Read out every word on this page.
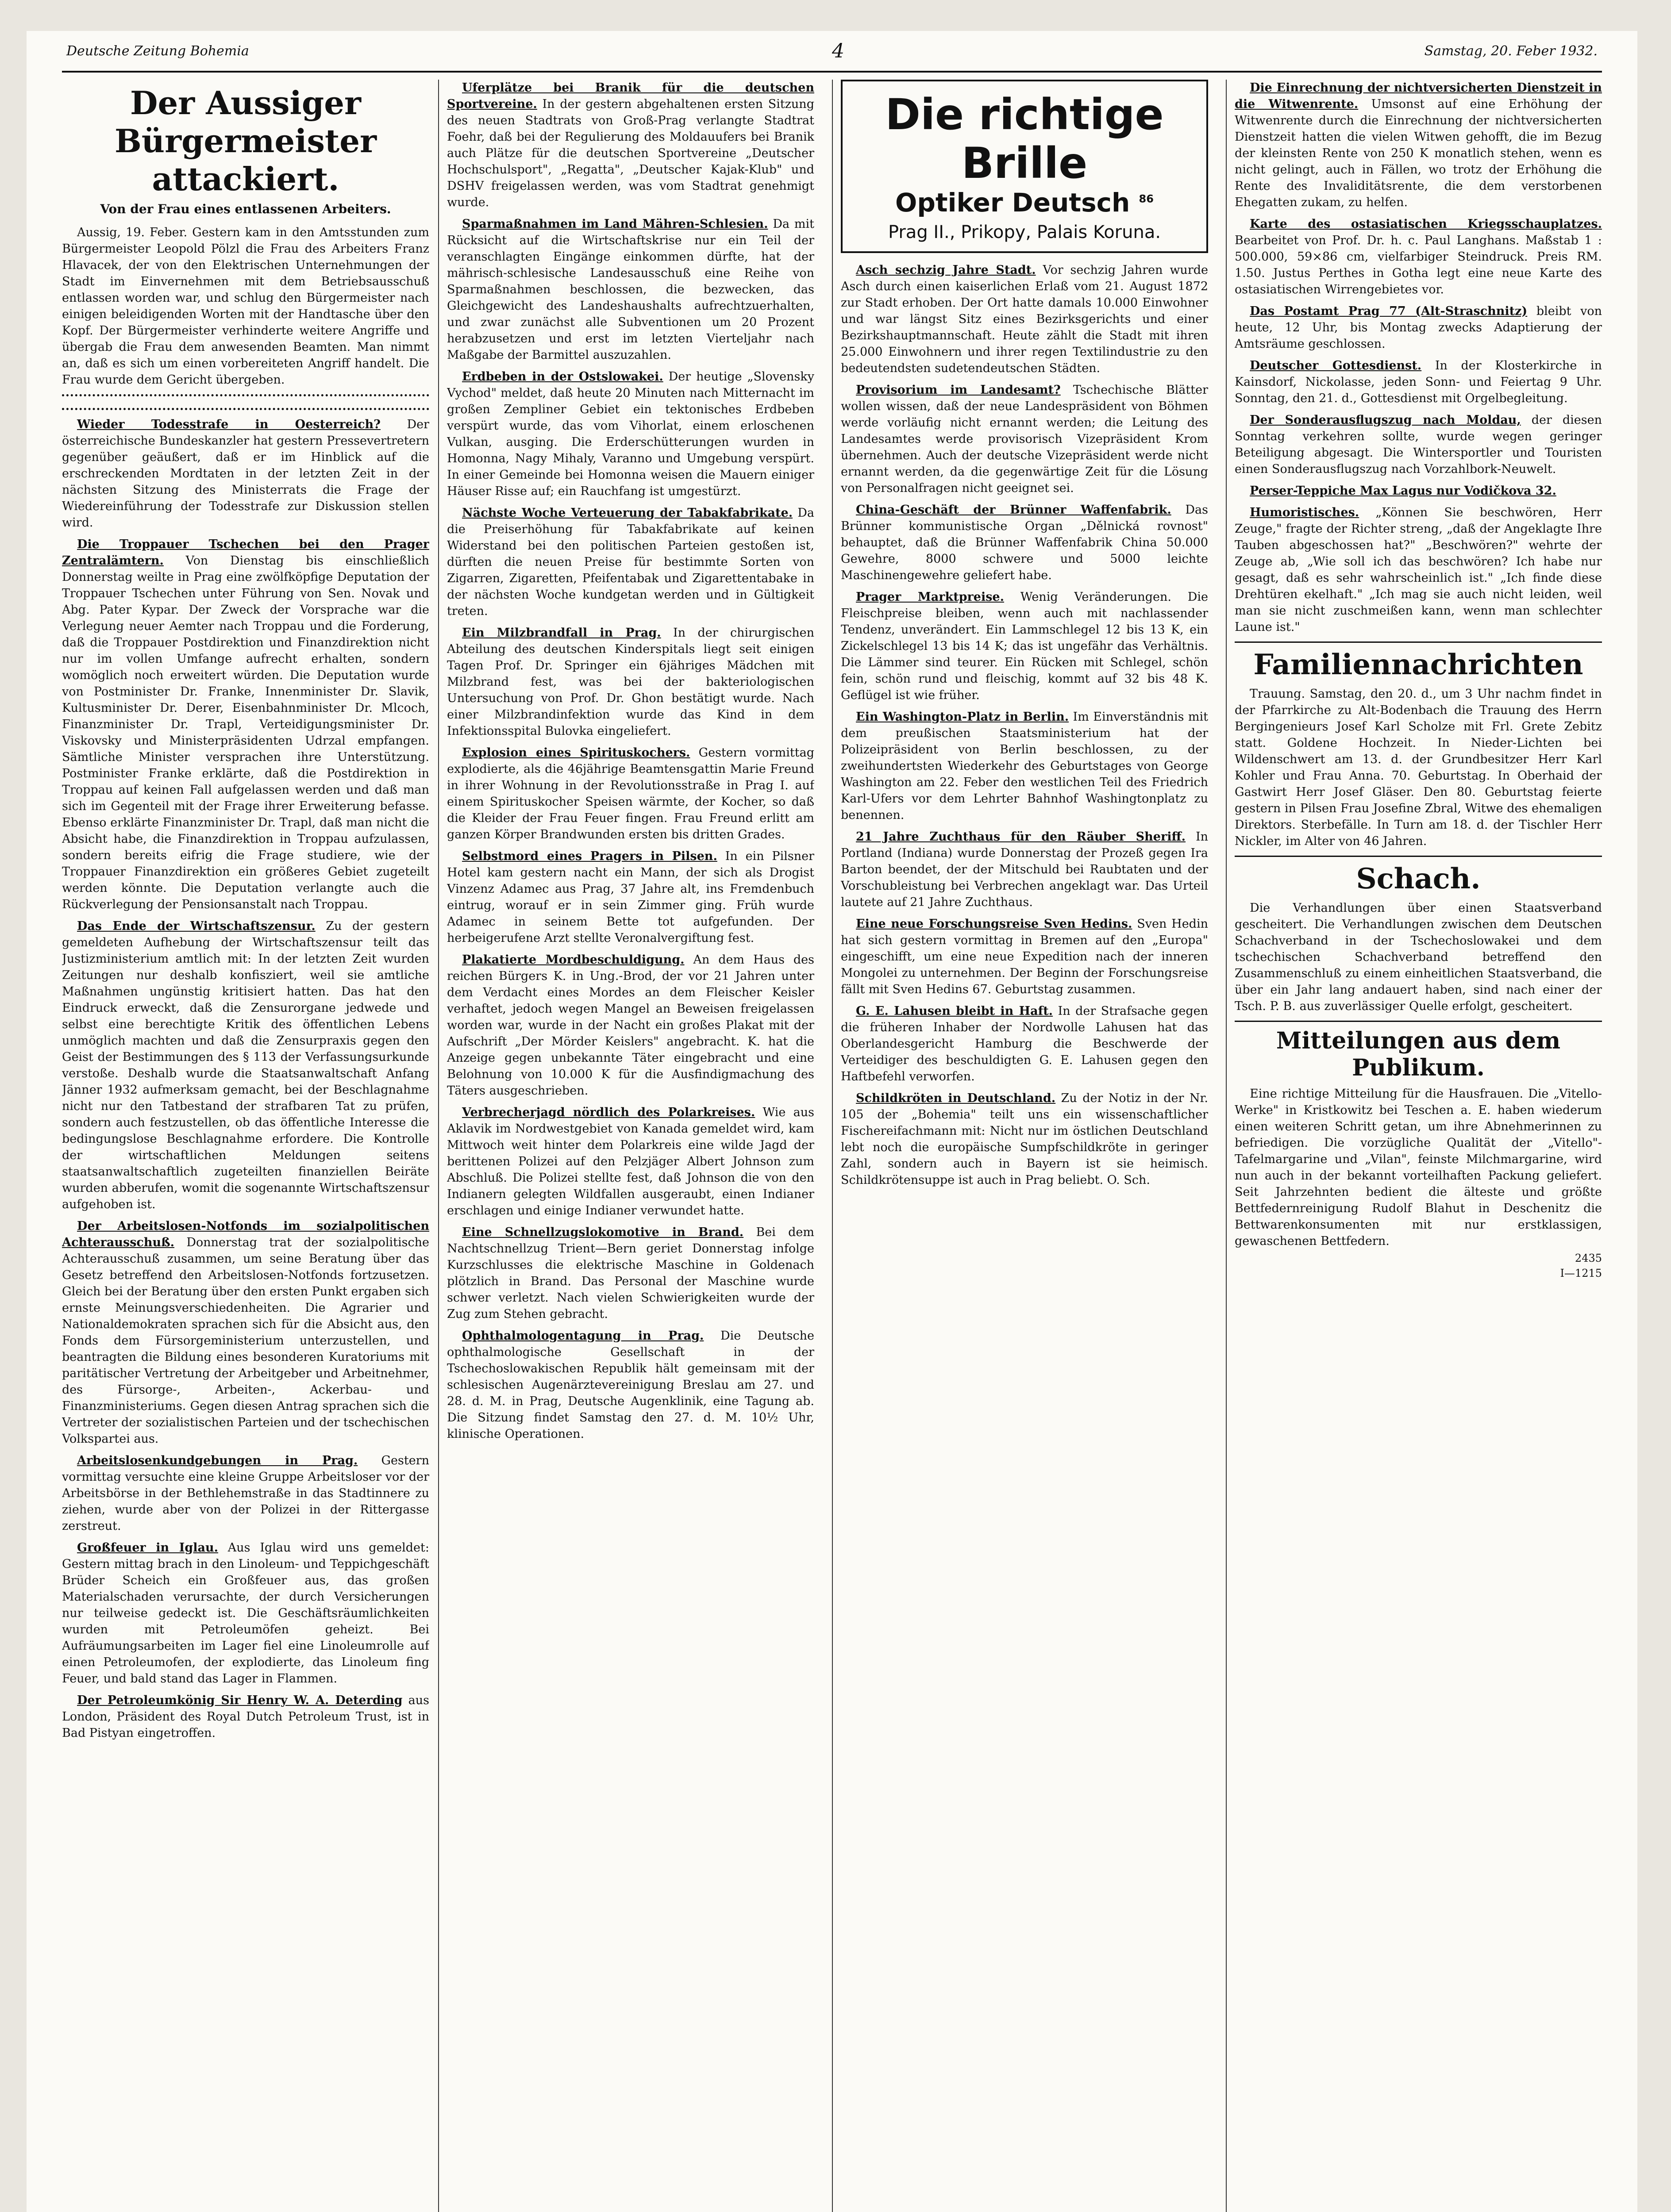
Deutsche Zeitung Bohemia	4	Samstag, 20. Feber 1932.
Der Aussiger Bürgermeister attackiert.
Von der Frau eines entlassenen Arbeiters.

Aussig, 19. Feber. Gestern kam in den Amtsstunden zum Bürgermeister Leopold Pölzl die Frau des Arbeiters Franz Hlavacek, der von den Elektrischen Unternehmungen der Stadt im Einvernehmen mit dem Betriebsausschuß entlassen worden war, und schlug den Bürgermeister nach einigen beleidigenden Worten mit der Handtasche über den Kopf. Der Bürgermeister verhinderte weitere Angriffe und übergab die Frau dem anwesenden Beamten. Man nimmt an, daß es sich um einen vorbereiteten Angriff handelt. Die Frau wurde dem Gericht übergeben.

Wieder Todesstrafe in Oesterreich? Der österreichische Bundeskanzler hat gestern Pressevertretern gegenüber geäußert, daß er im Hinblick auf die erschreckenden Mordtaten in der letzten Zeit in der nächsten Sitzung des Ministerrats die Frage der Wiedereinführung der Todesstrafe zur Diskussion stellen wird.

Die Troppauer Tschechen bei den Prager Zentralämtern. Von Dienstag bis einschließlich Donnerstag weilte in Prag eine zwölfköpfige Deputation der Troppauer Tschechen unter Führung von Sen. Novak und Abg. Pater Kypar. Der Zweck der Vorsprache war die Verlegung neuer Aemter nach Troppau und die Forderung, daß die Troppauer Postdirektion und Finanzdirektion nicht nur im vollen Umfange aufrecht erhalten, sondern womöglich noch erweitert würden. Die Deputation wurde von Postminister Dr. Franke, Innenminister Dr. Slavik, Kultusminister Dr. Derer, Eisenbahnminister Dr. Mlcoch, Finanzminister Dr. Trapl, Verteidigungsminister Dr. Viskovsky und Ministerpräsidenten Udrzal empfangen. Sämtliche Minister versprachen ihre Unterstützung. Postminister Franke erklärte, daß die Postdirektion in Troppau auf keinen Fall aufgelassen werden und daß man sich im Gegenteil mit der Frage ihrer Erweiterung befasse. Ebenso erklärte Finanzminister Dr. Trapl, daß man nicht die Absicht habe, die Finanzdirektion in Troppau aufzulassen, sondern bereits eifrig die Frage studiere, wie der Troppauer Finanzdirektion ein größeres Gebiet zugeteilt werden könnte. Die Deputation verlangte auch die Rückverlegung der Pensionsanstalt nach Troppau.

Das Ende der Wirtschaftszensur. Zu der gestern gemeldeten Aufhebung der Wirtschaftszensur teilt das Justizministerium amtlich mit: In der letzten Zeit wurden Zeitungen nur deshalb konfisziert, weil sie amtliche Maßnahmen ungünstig kritisiert hatten. Das hat den Eindruck erweckt, daß die Zensurorgane jedwede und selbst eine berechtigte Kritik des öffentlichen Lebens unmöglich machten und daß die Zensurpraxis gegen den Geist der Bestimmungen des § 113 der Verfassungsurkunde verstoße. Deshalb wurde die Staatsanwaltschaft Anfang Jänner 1932 aufmerksam gemacht, bei der Beschlagnahme nicht nur den Tatbestand der strafbaren Tat zu prüfen, sondern auch festzustellen, ob das öffentliche Interesse die bedingungslose Beschlagnahme erfordere. Die Kontrolle der wirtschaftlichen Meldungen seitens staatsanwaltschaftlich zugeteilten finanziellen Beiräte wurden abberufen, womit die sogenannte Wirtschaftszensur aufgehoben ist.

Der Arbeitslosen-Notfonds im sozialpolitischen Achterausschuß. Donnerstag trat der sozialpolitische Achterausschuß zusammen, um seine Beratung über das Gesetz betreffend den Arbeitslosen-Notfonds fortzusetzen. Gleich bei der Beratung über den ersten Punkt ergaben sich ernste Meinungsverschiedenheiten. Die Agrarier und Nationaldemokraten sprachen sich für die Absicht aus, den Fonds dem Fürsorgeministerium unterzustellen, und beantragten die Bildung eines besonderen Kuratoriums mit paritätischer Vertretung der Arbeitgeber und Arbeitnehmer, des Fürsorge-, Arbeiten-, Ackerbau- und Finanzministeriums. Gegen diesen Antrag sprachen sich die Vertreter der sozialistischen Parteien und der tschechischen Volkspartei aus.

Arbeitslosenkundgebungen in Prag. Gestern vormittag versuchte eine kleine Gruppe Arbeitsloser vor der Arbeitsbörse in der Bethlehemstraße in das Stadtinnere zu ziehen, wurde aber von der Polizei in der Rittergasse zerstreut.

Großfeuer in Iglau. Aus Iglau wird uns gemeldet: Gestern mittag brach in den Linoleum- und Teppichgeschäft Brüder Scheich ein Großfeuer aus, das großen Materialschaden verursachte, der durch Versicherungen nur teilweise gedeckt ist. Die Geschäftsräumlichkeiten wurden mit Petroleumöfen geheizt. Bei Aufräumungsarbeiten im Lager fiel eine Linoleumrolle auf einen Petroleumofen, der explodierte, das Linoleum fing Feuer, und bald stand das Lager in Flammen.

Der Petroleumkönig Sir Henry W. A. Deterding aus London, Präsident des Royal Dutch Petroleum Trust, ist in Bad Pistyan eingetroffen.

Uferplätze bei Branik für die deutschen Sportvereine. In der gestern abgehaltenen ersten Sitzung des neuen Stadtrats von Groß-Prag verlangte Stadtrat Foehr, daß bei der Regulierung des Moldauufers bei Branik auch Plätze für die deutschen Sportvereine „Deutscher Hochschulsport", „Regatta", „Deutscher Kajak-Klub" und DSHV freigelassen werden, was vom Stadtrat genehmigt wurde.

Sparmaßnahmen im Land Mähren-Schlesien. Da mit Rücksicht auf die Wirtschaftskrise nur ein Teil der veranschlagten Eingänge einkommen dürfte, hat der mährisch-schlesische Landesausschuß eine Reihe von Sparmaßnahmen beschlossen, die bezwecken, das Gleichgewicht des Landeshaushalts aufrechtzuerhalten, und zwar zunächst alle Subventionen um 20 Prozent herabzusetzen und erst im letzten Vierteljahr nach Maßgabe der Barmittel auszuzahlen.

Erdbeben in der Ostslowakei. Der heutige „Slovensky Vychod" meldet, daß heute 20 Minuten nach Mitternacht im großen Zempliner Gebiet ein tektonisches Erdbeben verspürt wurde, das vom Vihorlat, einem erloschenen Vulkan, ausging. Die Erderschütterungen wurden in Homonna, Nagy Mihaly, Varanno und Umgebung verspürt. In einer Gemeinde bei Homonna weisen die Mauern einiger Häuser Risse auf; ein Rauchfang ist umgestürzt.

Nächste Woche Verteuerung der Tabakfabrikate. Da die Preiserhöhung für Tabakfabrikate auf keinen Widerstand bei den politischen Parteien gestoßen ist, dürften die neuen Preise für bestimmte Sorten von Zigarren, Zigaretten, Pfeifentabak und Zigarettentabake in der nächsten Woche kundgetan werden und in Gültigkeit treten.

Ein Milzbrandfall in Prag. In der chirurgischen Abteilung des deutschen Kinderspitals liegt seit einigen Tagen Prof. Dr. Springer ein 6jähriges Mädchen mit Milzbrand fest, was bei der bakteriologischen Untersuchung von Prof. Dr. Ghon bestätigt wurde. Nach einer Milzbrandinfektion wurde das Kind in dem Infektionsspital Bulovka eingeliefert.

Explosion eines Spirituskochers. Gestern vormittag explodierte, als die 46jährige Beamtensgattin Marie Freund in ihrer Wohnung in der Revolutionsstraße in Prag I. auf einem Spirituskocher Speisen wärmte, der Kocher, so daß die Kleider der Frau Feuer fingen. Frau Freund erlitt am ganzen Körper Brandwunden ersten bis dritten Grades.

Selbstmord eines Pragers in Pilsen. In ein Pilsner Hotel kam gestern nacht ein Mann, der sich als Drogist Vinzenz Adamec aus Prag, 37 Jahre alt, ins Fremdenbuch eintrug, worauf er in sein Zimmer ging. Früh wurde Adamec in seinem Bette tot aufgefunden. Der herbeigerufene Arzt stellte Veronalvergiftung fest.

Plakatierte Mordbeschuldigung. An dem Haus des reichen Bürgers K. in Ung.-Brod, der vor 21 Jahren unter dem Verdacht eines Mordes an dem Fleischer Keisler verhaftet, jedoch wegen Mangel an Beweisen freigelassen worden war, wurde in der Nacht ein großes Plakat mit der Aufschrift „Der Mörder Keislers" angebracht. K. hat die Anzeige gegen unbekannte Täter eingebracht und eine Belohnung von 10.000 K für die Ausfindigmachung des Täters ausgeschrieben.

Verbrecherjagd nördlich des Polarkreises. Wie aus Aklavik im Nordwestgebiet von Kanada gemeldet wird, kam Mittwoch weit hinter dem Polarkreis eine wilde Jagd der berittenen Polizei auf den Pelzjäger Albert Johnson zum Abschluß. Die Polizei stellte fest, daß Johnson die von den Indianern gelegten Wildfallen ausgeraubt, einen Indianer erschlagen und einige Indianer verwundet hatte.

Eine Schnellzugslokomotive in Brand. Bei dem Nachtschnellzug Trient—Bern geriet Donnerstag infolge Kurzschlusses die elektrische Maschine in Goldenach plötzlich in Brand. Das Personal der Maschine wurde schwer verletzt. Nach vielen Schwierigkeiten wurde der Zug zum Stehen gebracht.

Ophthalmologentagung in Prag. Die Deutsche ophthalmologische Gesellschaft in der Tschechoslowakischen Republik hält gemeinsam mit der schlesischen Augenärztevereinigung Breslau am 27. und 28. d. M. in Prag, Deutsche Augenklinik, eine Tagung ab. Die Sitzung findet Samstag den 27. d. M. 10½ Uhr, klinische Operationen.

Die richtige Brille
Optiker Deutsch $^{86}$
Prag II., Prikopy, Palais Koruna.

Asch sechzig Jahre Stadt. Vor sechzig Jahren wurde Asch durch einen kaiserlichen Erlaß vom 21. August 1872 zur Stadt erhoben. Der Ort hatte damals 10.000 Einwohner und war längst Sitz eines Bezirksgerichts und einer Bezirkshauptmannschaft. Heute zählt die Stadt mit ihren 25.000 Einwohnern und ihrer regen Textilindustrie zu den bedeutendsten sudetendeutschen Städten.

Provisorium im Landesamt? Tschechische Blätter wollen wissen, daß der neue Landespräsident von Böhmen werde vorläufig nicht ernannt werden; die Leitung des Landesamtes werde provisorisch Vizepräsident Krom übernehmen. Auch der deutsche Vizepräsident werde nicht ernannt werden, da die gegenwärtige Zeit für die Lösung von Personalfragen nicht geeignet sei.

China-Geschäft der Brünner Waffenfabrik. Das Brünner kommunistische Organ „Dělnická rovnost" behauptet, daß die Brünner Waffenfabrik China 50.000 Gewehre, 8000 schwere und 5000 leichte Maschinengewehre geliefert habe.

Prager Marktpreise. Wenig Veränderungen. Die Fleischpreise bleiben, wenn auch mit nachlassender Tendenz, unverändert. Ein Lammschlegel 12 bis 13 K, ein Zickelschlegel 13 bis 14 K; das ist ungefähr das Verhältnis. Die Lämmer sind teurer. Ein Rücken mit Schlegel, schön fein, schön rund und fleischig, kommt auf 32 bis 48 K. Geflügel ist wie früher.

Ein Washington-Platz in Berlin. Im Einverständnis mit dem preußischen Staatsministerium hat der Polizeipräsident von Berlin beschlossen, zu der zweihundertsten Wiederkehr des Geburtstages von George Washington am 22. Feber den westlichen Teil des Friedrich Karl-Ufers vor dem Lehrter Bahnhof Washingtonplatz zu benennen.

21 Jahre Zuchthaus für den Räuber Sheriff. In Portland (Indiana) wurde Donnerstag der Prozeß gegen Ira Barton beendet, der der Mitschuld bei Raubtaten und der Vorschubleistung bei Verbrechen angeklagt war. Das Urteil lautete auf 21 Jahre Zuchthaus.

Eine neue Forschungsreise Sven Hedins. Sven Hedin hat sich gestern vormittag in Bremen auf den „Europa" eingeschifft, um eine neue Expedition nach der inneren Mongolei zu unternehmen. Der Beginn der Forschungsreise fällt mit Sven Hedins 67. Geburtstag zusammen.

G. E. Lahusen bleibt in Haft. In der Strafsache gegen die früheren Inhaber der Nordwolle Lahusen hat das Oberlandesgericht Hamburg die Beschwerde der Verteidiger des beschuldigten G. E. Lahusen gegen den Haftbefehl verworfen.

Schildkröten in Deutschland. Zu der Notiz in der Nr. 105 der „Bohemia" teilt uns ein wissenschaftlicher Fischereifachmann mit: Nicht nur im östlichen Deutschland lebt noch die europäische Sumpfschildkröte in geringer Zahl, sondern auch in Bayern ist sie heimisch. Schildkrötensuppe ist auch in Prag beliebt. O. Sch.

Die Einrechnung der nichtversicherten Dienstzeit in die Witwenrente. Umsonst auf eine Erhöhung der Witwenrente durch die Einrechnung der nichtversicherten Dienstzeit hatten die vielen Witwen gehofft, die im Bezug der kleinsten Rente von 250 K monatlich stehen, wenn es nicht gelingt, auch in Fällen, wo trotz der Erhöhung die Rente des Invaliditätsrente, die dem verstorbenen Ehegatten zukam, zu helfen.

Karte des ostasiatischen Kriegsschauplatzes. Bearbeitet von Prof. Dr. h. c. Paul Langhans. Maßstab 1 : 500.000, 59×86 cm, vielfarbiger Steindruck. Preis RM. 1.50. Justus Perthes in Gotha legt eine neue Karte des ostasiatischen Wirrengebietes vor.

Das Postamt Prag 77 (Alt-Straschnitz) bleibt von heute, 12 Uhr, bis Montag zwecks Adaptierung der Amtsräume geschlossen.

Deutscher Gottesdienst. In der Klosterkirche in Kainsdorf, Nickolasse, jeden Sonn- und Feiertag 9 Uhr. Sonntag, den 21. d., Gottesdienst mit Orgelbegleitung.

Der Sonderausflugszug nach Moldau, der diesen Sonntag verkehren sollte, wurde wegen geringer Beteiligung abgesagt. Die Wintersportler und Touristen einen Sonderausflugszug nach Vorzahlbork-Neuwelt.

Perser-Teppiche Max Lagus nur Vodičkova 32.

Humoristisches. „Können Sie beschwören, Herr Zeuge," fragte der Richter streng, „daß der Angeklagte Ihre Tauben abgeschossen hat?" „Beschwören?" wehrte der Zeuge ab, „Wie soll ich das beschwören? Ich habe nur gesagt, daß es sehr wahrscheinlich ist." „Ich finde diese Drehtüren ekelhaft." „Ich mag sie auch nicht leiden, weil man sie nicht zuschmeißen kann, wenn man schlechter Laune ist."

Familiennachrichten

Trauung. Samstag, den 20. d., um 3 Uhr nachm findet in der Pfarrkirche zu Alt-Bodenbach die Trauung des Herrn Bergingenieurs Josef Karl Scholze mit Frl. Grete Zebitz statt. Goldene Hochzeit. In Nieder-Lichten bei Wildenschwert am 13. d. der Grundbesitzer Herr Karl Kohler und Frau Anna. 70. Geburtstag. In Oberhaid der Gastwirt Herr Josef Gläser. Den 80. Geburtstag feierte gestern in Pilsen Frau Josefine Zbral, Witwe des ehemaligen Direktors. Sterbefälle. In Turn am 18. d. der Tischler Herr Nickler, im Alter von 46 Jahren.

Schach.

Die Verhandlungen über einen Staatsverband gescheitert. Die Verhandlungen zwischen dem Deutschen Schachverband in der Tschechoslowakei und dem tschechischen Schachverband betreffend den Zusammenschluß zu einem einheitlichen Staatsverband, die über ein Jahr lang andauert haben, sind nach einer der Tsch. P. B. aus zuverlässiger Quelle erfolgt, gescheitert.

Mitteilungen aus dem Publikum.

Eine richtige Mitteilung für die Hausfrauen. Die „Vitello-Werke" in Kristkowitz bei Teschen a. E. haben wiederum einen weiteren Schritt getan, um ihre Abnehmerinnen zu befriedigen. Die vorzügliche Qualität der „Vitello"-Tafelmargarine und „Vilan", feinste Milchmargarine, wird nun auch in der bekannt vorteilhaften Packung geliefert. Seit Jahrzehnten bedient die älteste und größte Bettfedernreinigung Rudolf Blahut in Deschenitz die Bettwarenkonsumenten mit nur erstklassigen, gewaschenen Bettfedern.

2435
I—1215
